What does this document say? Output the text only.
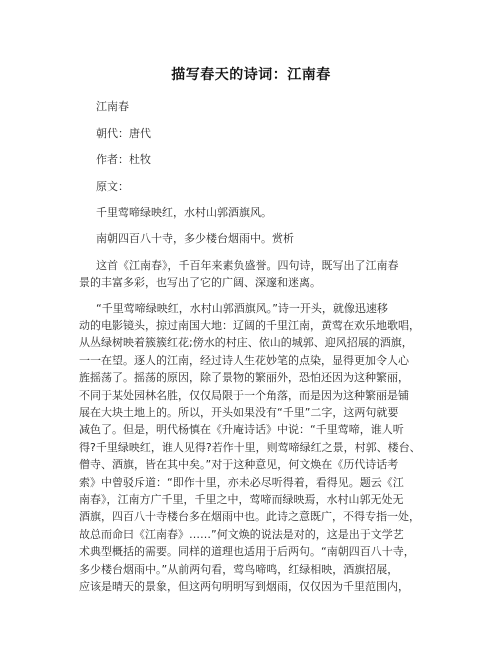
描写春天的诗词：江南春
江南春
朝代：唐代
作者：杜牧
原文：
千里莺啼绿映红，水村山郭酒旗风。
南朝四百八十寺，多少楼台烟雨中。赏析
这首《江南春》，千百年来素负盛誉。四句诗，既写出了江南春
景的丰富多彩，也写出了它的广阔、深邃和迷离。
“千里莺啼绿映红，水村山郭酒旗风。”诗一开头，就像迅速移
动的电影镜头，掠过南国大地：辽阔的千里江南，黄莺在欢乐地歌唱，
从丛绿树映着簇簇红花;傍水的村庄、依山的城郭、迎风招展的酒旗，
一一在望。逐人的江南，经过诗人生花妙笔的点染，显得更加令人心
旌摇荡了。摇荡的原因，除了景物的繁丽外，恐怕还因为这种繁丽，
不同于某处园林名胜，仅仅局限于一个角落，而是因为这种繁丽是铺
展在大块土地上的。所以，开头如果没有“千里”二字，这两句就要
减色了。但是，明代杨慎在《升庵诗话》中说：“千里莺啼，谁人听
得?千里绿映红，谁人见得?若作十里，则莺啼绿红之景，村郭、楼台、
僧寺、酒旗，皆在其中矣。”对于这种意见，何文焕在《历代诗话考
索》中曾驳斥道：“即作十里，亦未必尽听得着，看得见。题云《江
南春》，江南方广千里，千里之中，莺啼而绿映焉，水村山郭无处无
酒旗，四百八十寺楼台多在烟雨中也。此诗之意既广，不得专指一处，
故总而命曰《江南春》……”何文焕的说法是对的，这是出于文学艺
术典型概括的需要。同样的道理也适用于后两句。“南朝四百八十寺，
多少楼台烟雨中。”从前两句看，莺鸟啼鸣，红绿相映，酒旗招展，
应该是晴天的景象，但这两句明明写到烟雨，仅仅因为千里范围内，
